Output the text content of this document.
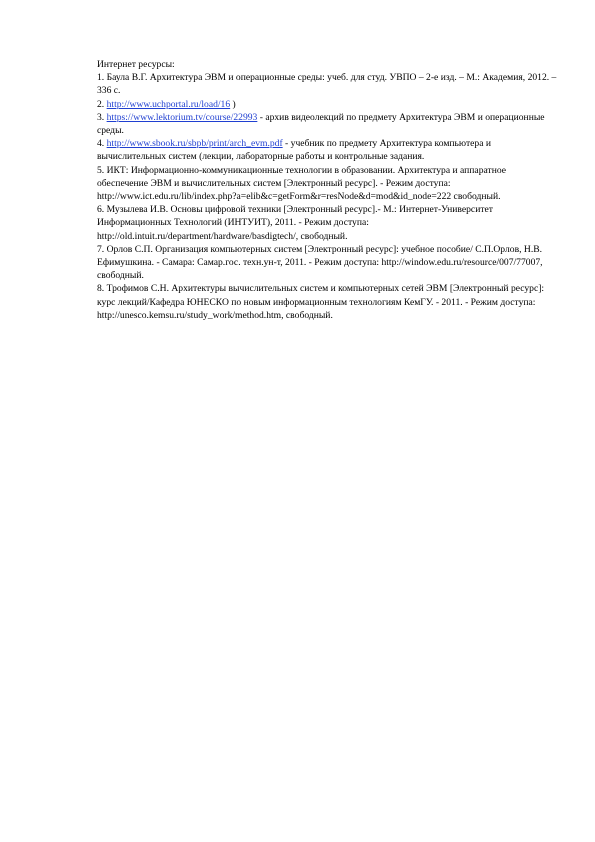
Интернет ресурсы:

1. Баула В.Г. Архитектура ЭВМ и операционные среды: учеб. для студ. УВПО – 2-е изд. – М.: Академия, 2012. – 336 с.
2. http://www.uchportal.ru/load/16 )
3. https://www.lektorium.tv/course/22993 - архив видеолекций по предмету Архитектура ЭВМ и операционные среды.
4. http://www.sbook.ru/sbpb/print/arch_evm.pdf - учебник по предмету Архитектура компьютера и вычислительных систем (лекции, лабораторные работы и контрольные задания.
5. ИКТ: Информационно-коммуникационные технологии в образовании. Архитектура и аппаратное обеспечение ЭВМ и вычислительных систем [Электронный ресурс]. - Режим доступа: http://www.ict.edu.ru/lib/index.php?a=elib&c=getForm&r=resNode&d=mod&id_node=222 свободный.
6. Музылева И.В. Основы цифровой техники [Электронный ресурс].- М.: Интернет-Университет Информационных Технологий (ИНТУИТ), 2011. - Режим доступа: http://old.intuit.ru/department/hardware/basdigtech/, свободный.
7. Орлов С.П. Организация компьютерных систем [Электронный ресурс]: учебное пособие/ С.П.Орлов, Н.В. Ефимушкина. - Самара: Самар.гос. техн.ун-т, 2011. - Режим доступа: http://window.edu.ru/resource/007/77007, свободный.
8. Трофимов С.Н. Архитектуры вычислительных систем и компьютерных сетей ЭВМ [Электронный ресурс]: курс лекций/Кафедра ЮНЕСКО по новым информационным технологиям КемГУ. - 2011. - Режим доступа: http://unesco.kemsu.ru/study_work/method.htm, свободный.
